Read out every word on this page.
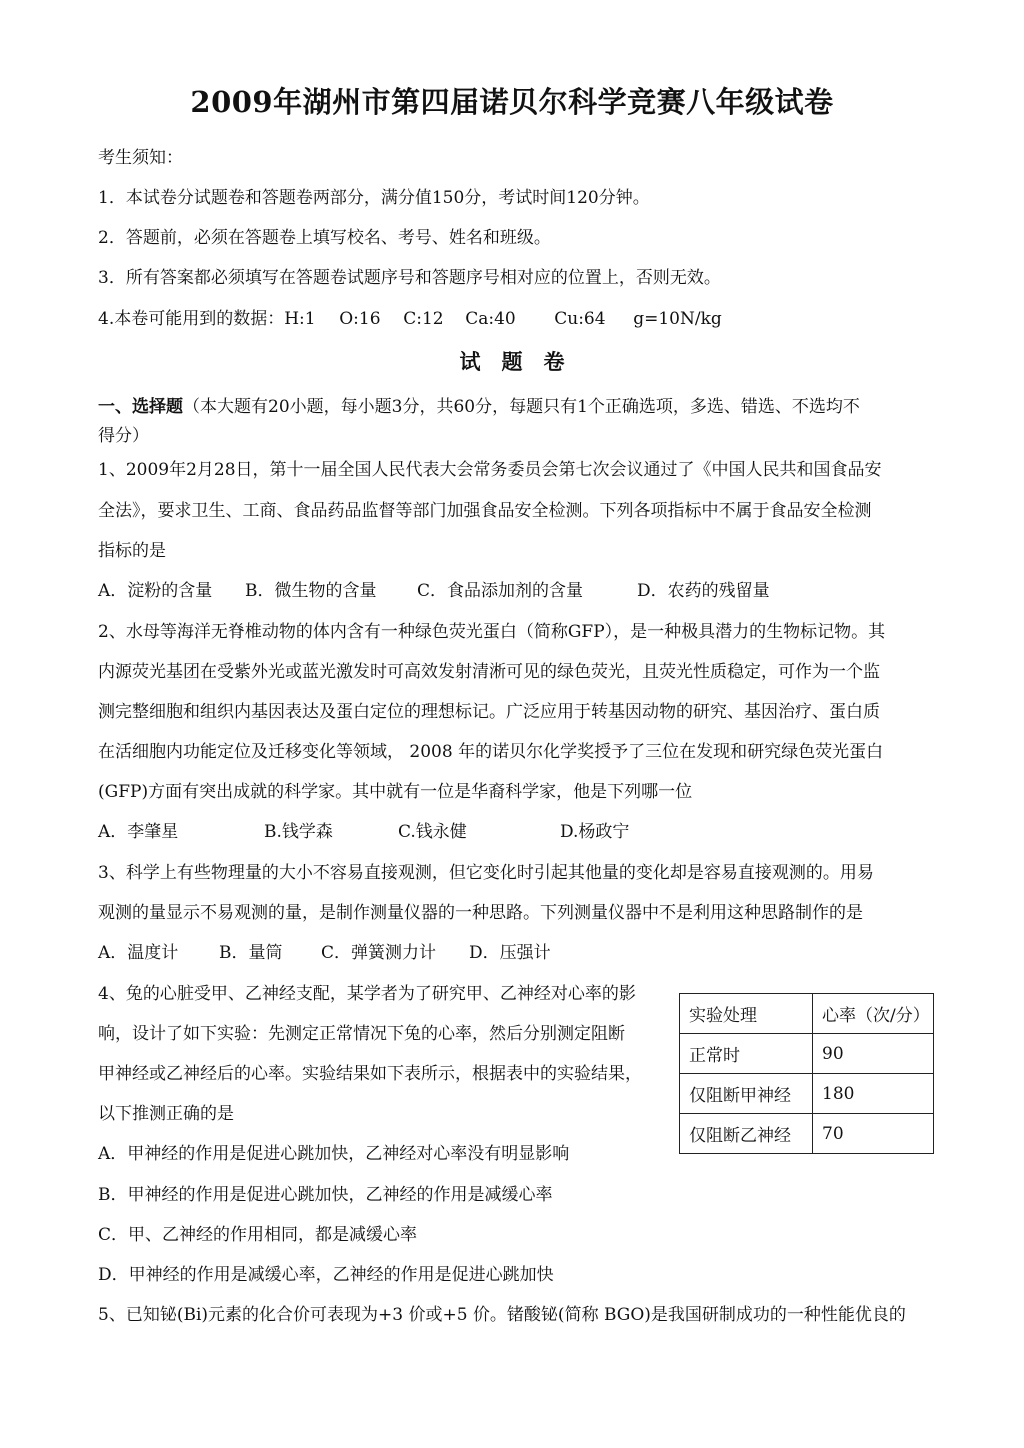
2009年湖州市第四届诺贝尔科学竞赛八年级试卷
考生须知：
1．本试卷分试题卷和答题卷两部分，满分值150分，考试时间120分钟。
2．答题前，必须在答题卷上填写校名、考号、姓名和班级。
3．所有答案都必须填写在答题卷试题序号和答题序号相对应的位置上，否则无效。
4.本卷可能用到的数据：H:1 O:16 C:12 Ca:40 Cu:64 g=10N/kg
试　题　卷
一、选择题（本大题有20小题，每小题3分，共60分，每题只有1个正确选项，多选、错选、不选均不
得分）
1、2009年2月28日，第十一届全国人民代表大会常务委员会第七次会议通过了《中国人民共和国食品安
全法》，要求卫生、工商、食品药品监督等部门加强食品安全检测。下列各项指标中不属于食品安全检测
指标的是
A．淀粉的含量 B．微生物的含量 C．食品添加剂的含量	D．农药的残留量
2、水母等海洋无脊椎动物的体内含有一种绿色荧光蛋白（简称GFP），是一种极具潜力的生物标记物。其
内源荧光基团在受紫外光或蓝光激发时可高效发射清淅可见的绿色荧光，且荧光性质稳定，可作为一个监
测完整细胞和组织内基因表达及蛋白定位的理想标记。广泛应用于转基因动物的研究、基因治疗、蛋白质
在活细胞内功能定位及迁移变化等领域， 2008 年的诺贝尔化学奖授予了三位在发现和研究绿色荧光蛋白
(GFP)方面有突出成就的科学家。其中就有一位是华裔科学家，他是下列哪一位
A．李肇星	B.钱学森	C.钱永健	D.杨政宁
3、科学上有些物理量的大小不容易直接观测，但它变化时引起其他量的变化却是容易直接观测的。用易
观测的量显示不易观测的量，是制作测量仪器的一种思路。下列测量仪器中不是利用这种思路制作的是
A．温度计 B．量筒 C．弹簧测力计 D．压强计
4、兔的心脏受甲、乙神经支配，某学者为了研究甲、乙神经对心率的影
响，设计了如下实验：先测定正常情况下兔的心率，然后分别测定阻断
甲神经或乙神经后的心率。实验结果如下表所示，根据表中的实验结果，
以下推测正确的是
A．甲神经的作用是促进心跳加快，乙神经对心率没有明显影响
B．甲神经的作用是促进心跳加快，乙神经的作用是减缓心率
C．甲、乙神经的作用相同，都是减缓心率
D．甲神经的作用是减缓心率，乙神经的作用是促进心跳加快
实验处理	心率（次/分）
正常时	90
仅阻断甲神经	180
仅阻断乙神经	70
5、已知铋(Bi)元素的化合价可表现为+3 价或+5 价。锗酸铋(简称 BGO)是我国研制成功的一种性能优良的
